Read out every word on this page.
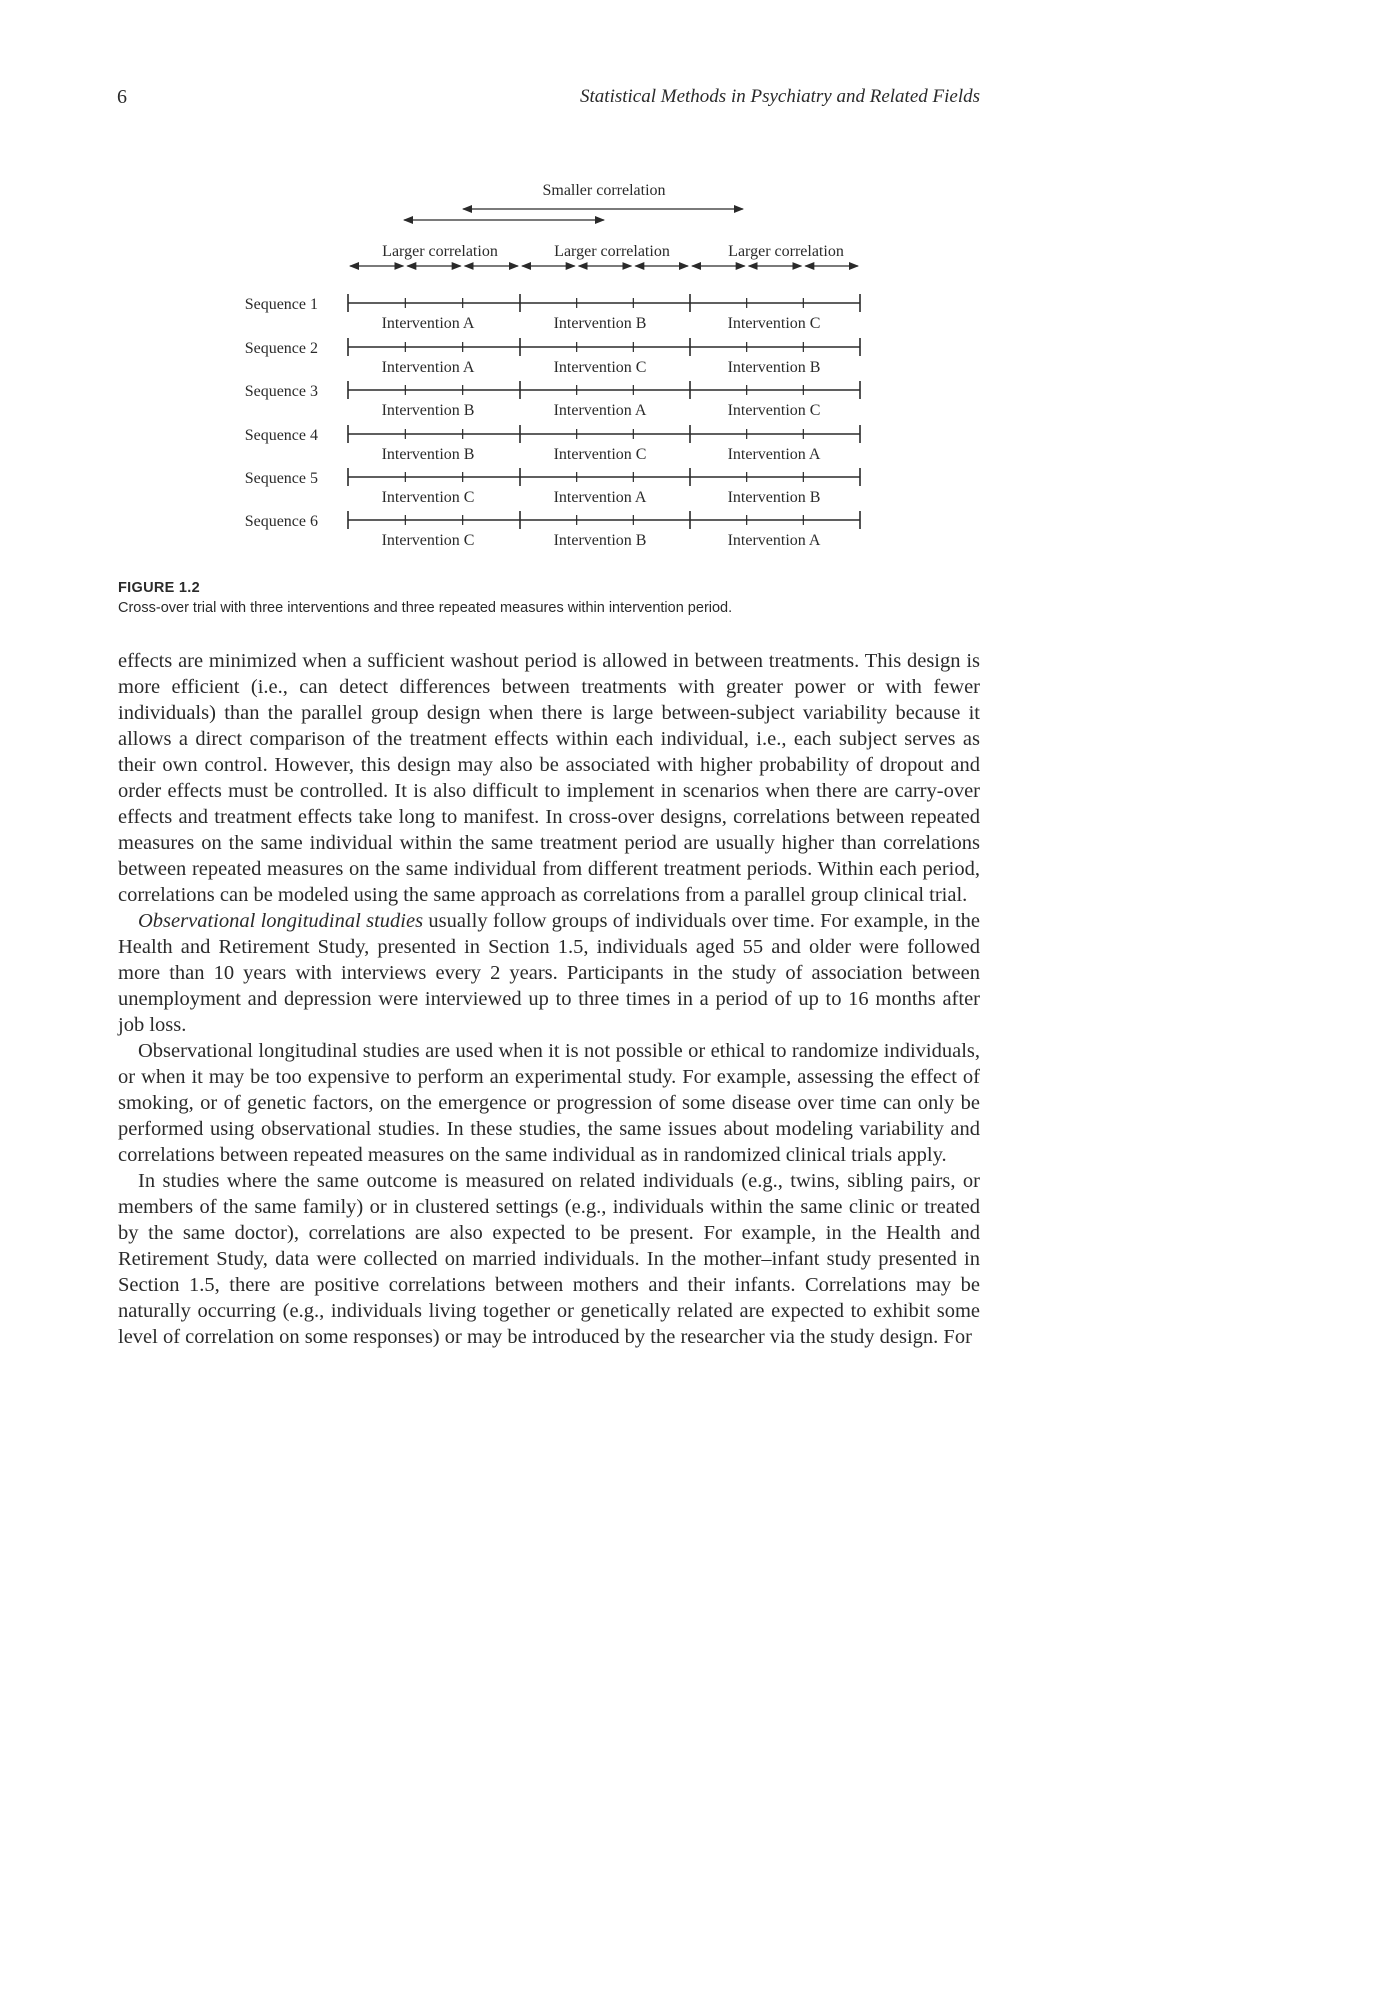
6	Statistical Methods in Psychiatry and Related Fields
Smaller correlation
Larger correlation	Larger correlation	Larger correlation
Sequence 1
Intervention A	Intervention B	Intervention C
Sequence 2
Intervention A	Intervention C	Intervention B
Sequence 3
Intervention B	Intervention A	Intervention C
Sequence 4
Intervention B	Intervention C	Intervention A
Sequence 5
Intervention C	Intervention A	Intervention B
Sequence 6
Intervention C	Intervention B	Intervention A
FIGURE 1.2
Cross-over trial with three interventions and three repeated measures within intervention period.

effects are minimized when a sufficient washout period is allowed in between treatments. This design is more efficient (i.e., can detect differences between treatments with greater power or with fewer individuals) than the parallel group design when there is large between-subject variability because it allows a direct comparison of the treatment effects within each individual, i.e., each subject serves as their own control. However, this design may also be associated with higher probability of dropout and order effects must be controlled. It is also difficult to implement in scenarios when there are carry-over effects and treatment effects take long to manifest. In cross-over designs, correlations between repeated measures on the same individual within the same treatment period are usually higher than correlations between repeated measures on the same individual from different treatment periods. Within each period, correlations can be modeled using the same approach as correlations from a parallel group clinical trial.

Observational longitudinal studies usually follow groups of individuals over time. For example, in the Health and Retirement Study, presented in Section 1.5, individuals aged 55 and older were followed more than 10 years with interviews every 2 years. Participants in the study of association between unemployment and depression were interviewed up to three times in a period of up to 16 months after job loss.

Observational longitudinal studies are used when it is not possible or ethical to randomize individuals, or when it may be too expensive to perform an experimental study. For example, assessing the effect of smoking, or of genetic factors, on the emergence or progression of some disease over time can only be performed using observational studies. In these studies, the same issues about modeling variability and correlations between repeated measures on the same individual as in randomized clinical trials apply.

In studies where the same outcome is measured on related individuals (e.g., twins, sibling pairs, or members of the same family) or in clustered settings (e.g., individuals within the same clinic or treated by the same doctor), correlations are also expected to be present. For example, in the Health and Retirement Study, data were collected on married individuals. In the mother–infant study presented in Section 1.5, there are positive correlations between mothers and their infants. Correlations may be naturally occurring (e.g., individuals living together or genetically related are expected to exhibit some level of correlation on some responses) or may be introduced by the researcher via the study design. For
